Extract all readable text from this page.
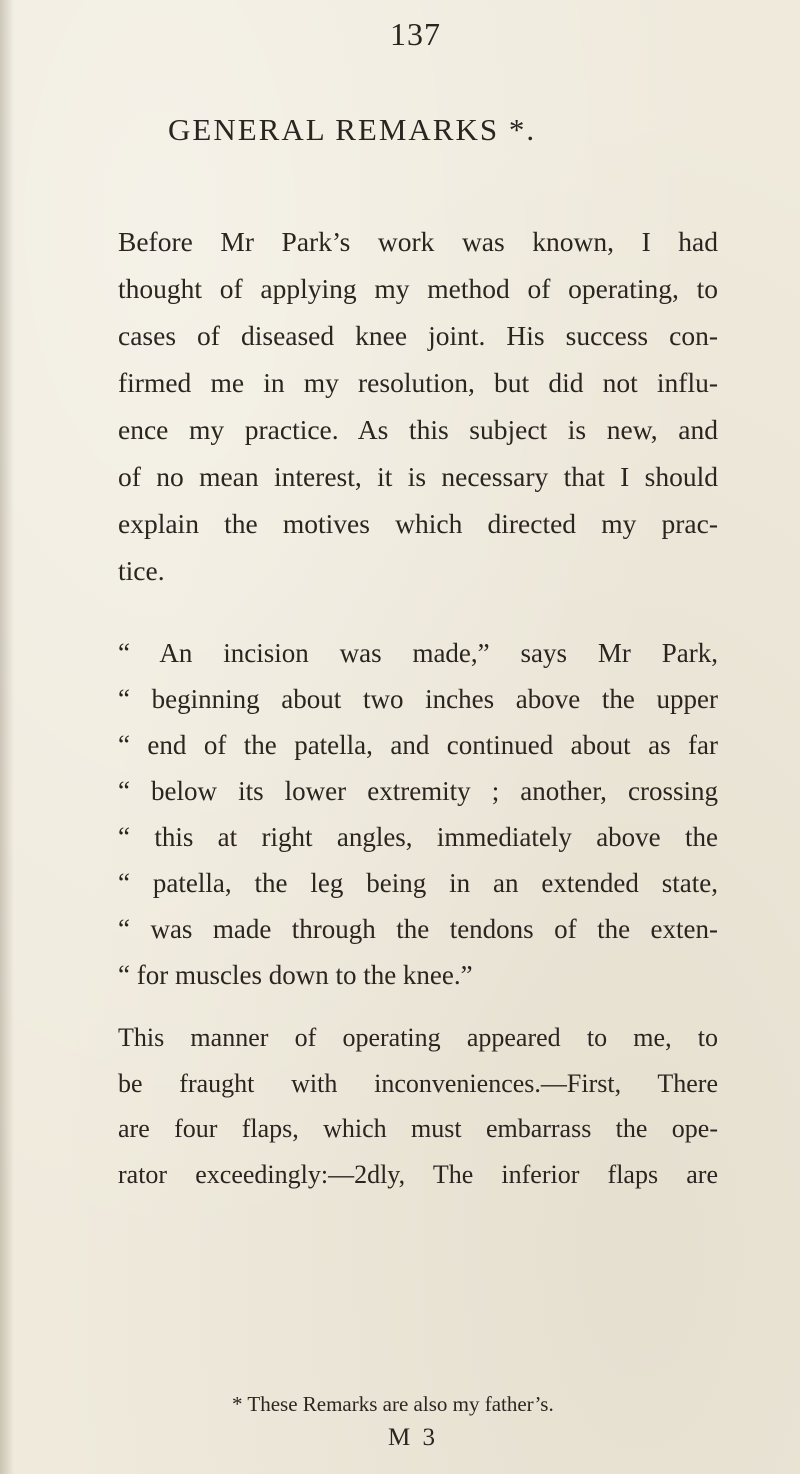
137
GENERAL REMARKS *.
Before Mr Park’s work was known, I had
thought of applying my method of operating, to
cases of diseased knee joint. His success con-
firmed me in my resolution, but did not influ-
ence my practice. As this subject is new, and
of no mean interest, it is necessary that I should
explain the motives which directed my prac-
tice.
“ An incision was made,” says Mr Park,
“ beginning about two inches above the upper
“ end of the patella, and continued about as far
“ below its lower extremity ; another, crossing
“ this at right angles, immediately above the
“ patella, the leg being in an extended state,
“ was made through the tendons of the exten-
“ for muscles down to the knee.”
This manner of operating appeared to me, to
be fraught with inconveniences.—First, There
are four flaps, which must embarrass the ope-
rator exceedingly:—2dly, The inferior flaps are
* These Remarks are also my father’s.
M 3
